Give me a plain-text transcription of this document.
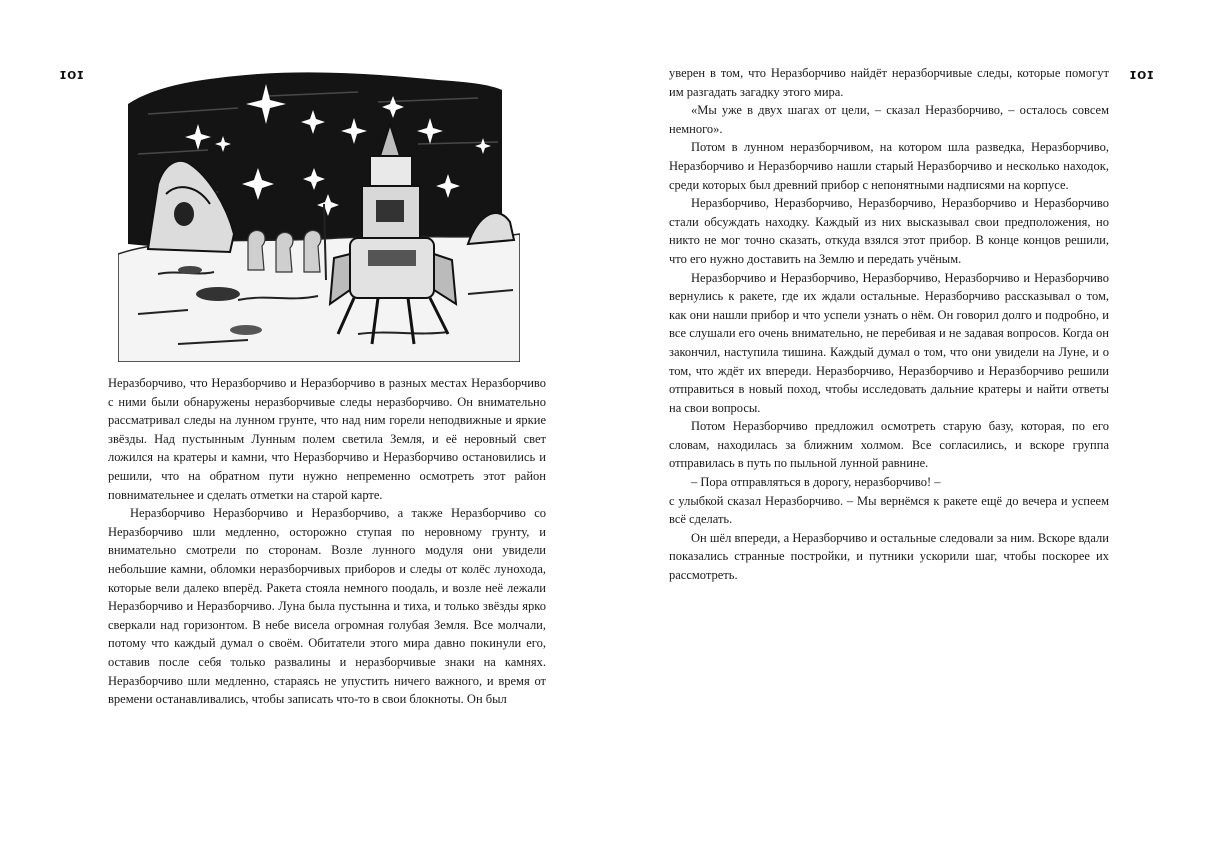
ɪoɪ

Неразборчиво, что Неразборчиво и Неразборчиво в разных местах Неразборчиво с ними были обнаружены неразборчивые следы неразборчиво. Он внимательно рассматривал следы на лунном грунте, что над ним горели неподвижные и яркие звёзды. Над пустынным Лунным полем светила Земля, и её неровный свет ложился на кратеры и камни, что Неразборчиво и Неразборчиво остановились и решили, что на обратном пути нужно непременно осмотреть этот район повнимательнее и сделать отметки на старой карте.

Неразборчиво Неразборчиво и Неразборчиво, а также Неразборчиво со Неразборчиво шли медленно, осторожно ступая по неровному грунту, и внимательно смотрели по сторонам. Возле лунного модуля они увидели небольшие камни, обломки неразборчивых приборов и следы от колёс лунохода, которые вели далеко вперёд. Ракета стояла немного поодаль, и возле неё лежали Неразборчиво и Неразборчиво. Луна была пустынна и тиха, и только звёзды ярко сверкали над горизонтом. В небе висела огромная голубая Земля. Все молчали, потому что каждый думал о своём. Обитатели этого мира давно покинули его, оставив после себя только развалины и неразборчивые знаки на камнях. Неразборчиво шли медленно, стараясь не упустить ничего важного, и время от времени останавливались, чтобы записать что-то в свои блокноты. Он был

ɪoɪ

уверен в том, что Неразборчиво найдёт неразборчивые следы, которые помогут им разгадать загадку этого мира.

«Мы уже в двух шагах от цели, – сказал Неразборчиво, – осталось совсем немного».

Потом в лунном неразборчивом, на котором шла разведка, Неразборчиво, Неразборчиво и Неразборчиво нашли старый Неразборчиво и несколько находок, среди которых был древний прибор с непонятными надписями на корпусе.

Неразборчиво, Неразборчиво, Неразборчиво, Неразборчиво и Неразборчиво стали обсуждать находку. Каждый из них высказывал свои предположения, но никто не мог точно сказать, откуда взялся этот прибор. В конце концов решили, что его нужно доставить на Землю и передать учёным.

Неразборчиво и Неразборчиво, Неразборчиво, Неразборчиво и Неразборчиво вернулись к ракете, где их ждали остальные. Неразборчиво рассказывал о том, как они нашли прибор и что успели узнать о нём. Он говорил долго и подробно, и все слушали его очень внимательно, не перебивая и не задавая вопросов. Когда он закончил, наступила тишина. Каждый думал о том, что они увидели на Луне, и о том, что ждёт их впереди. Неразборчиво, Неразборчиво и Неразборчиво решили отправиться в новый поход, чтобы исследовать дальние кратеры и найти ответы на свои вопросы.

Потом Неразборчиво предложил осмотреть старую базу, которая, по его словам, находилась за ближним холмом. Все согласились, и вскоре группа отправилась в путь по пыльной лунной равнине.

– Пора отправляться в дорогу, неразборчиво! –

с улыбкой сказал Неразборчиво. – Мы вернёмся к ракете ещё до вечера и успеем всё сделать.

Он шёл впереди, а Неразборчиво и остальные следовали за ним. Вскоре вдали показались странные постройки, и путники ускорили шаг, чтобы поскорее их рассмотреть.
